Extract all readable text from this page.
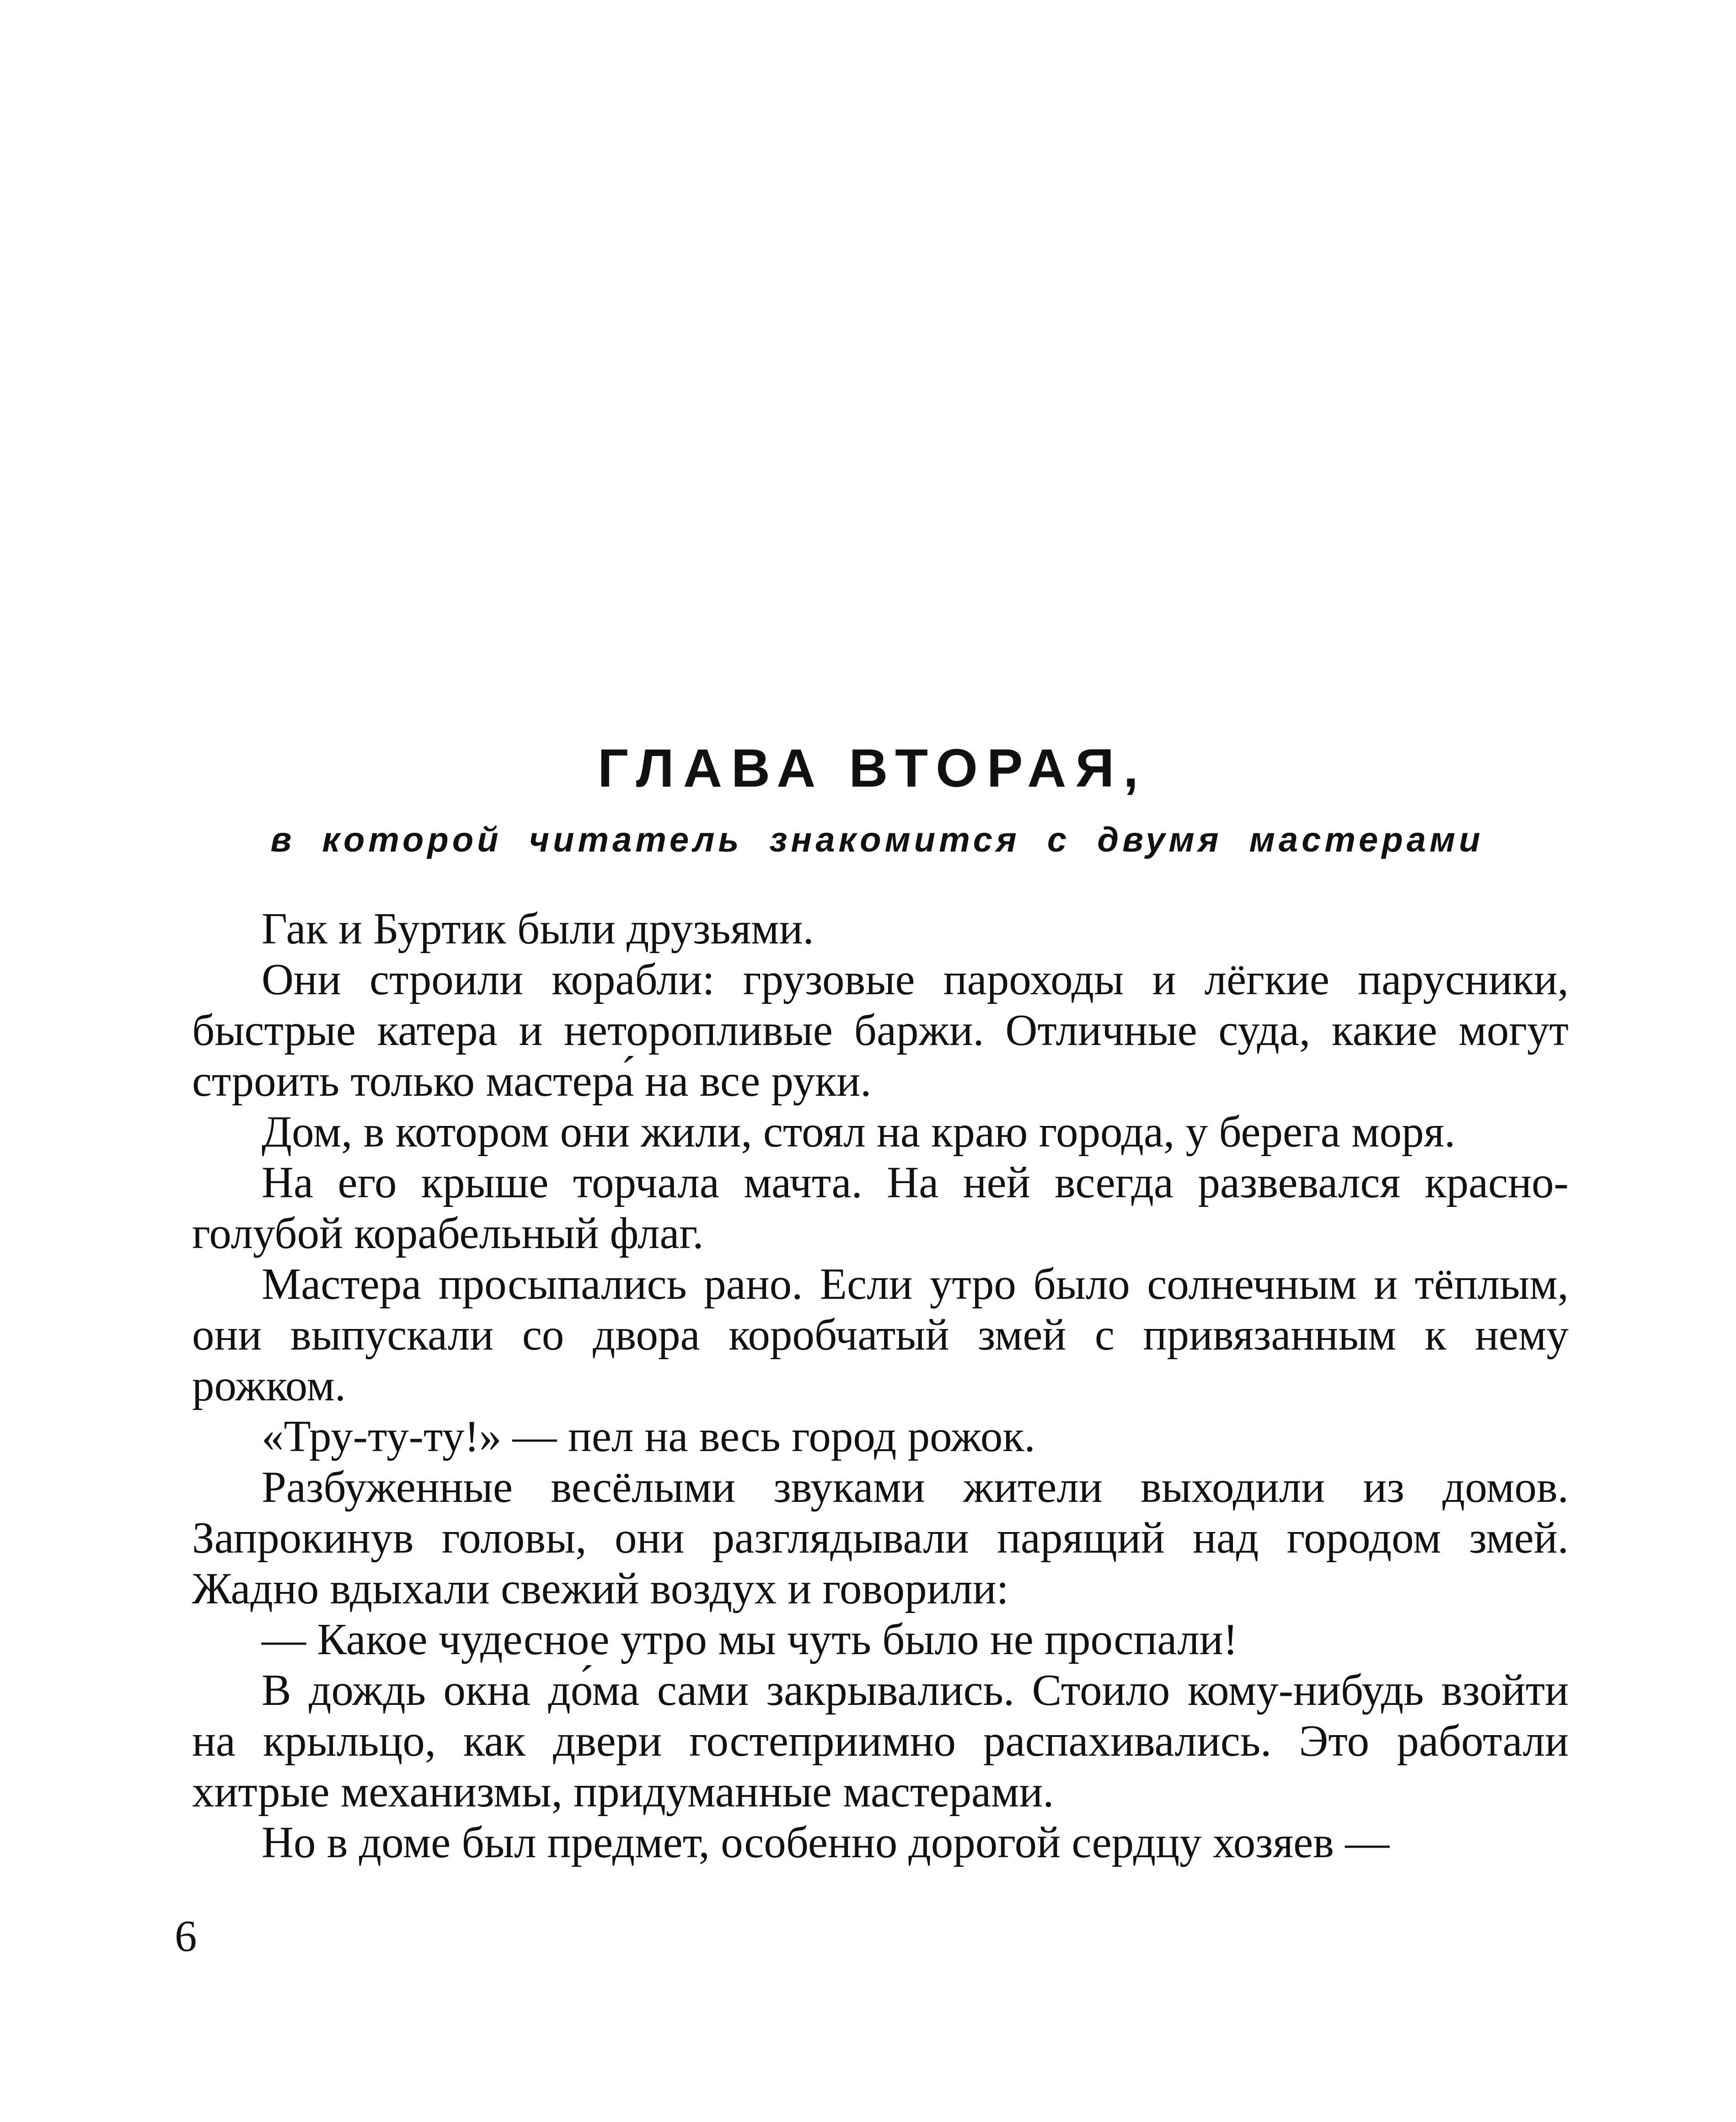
ГЛАВА ВТОРАЯ,
в которой читатель знакомится с двумя мастерами

Гак и Буртик были друзьями.

Они строили корабли: грузовые пароходы и лёгкие парусники, быстрые катера и неторопливые баржи. Отличные суда, какие могут строить только мастера́ на все руки.

Дом, в котором они жили, стоял на краю города, у берега моря.

На его крыше торчала мачта. На ней всегда развевался красно-голубой корабельный флаг.

Мастера просыпались рано. Если утро было солнечным и тёплым, они выпускали со двора коробчатый змей с привязанным к нему рожком.

«Тру-ту-ту!» — пел на весь город рожок.

Разбуженные весёлыми звуками жители выходили из домов. Запрокинув головы, они разглядывали парящий над городом змей. Жадно вдыхали свежий воздух и говорили:

— Какое чудесное утро мы чуть было не проспали!

В дождь окна до́ма сами закрывались. Стоило кому-нибудь взойти на крыльцо, как двери гостеприимно распахивались. Это работали хитрые механизмы, придуманные мастерами.

Но в доме был предмет, особенно дорогой сердцу хозяев —

6
